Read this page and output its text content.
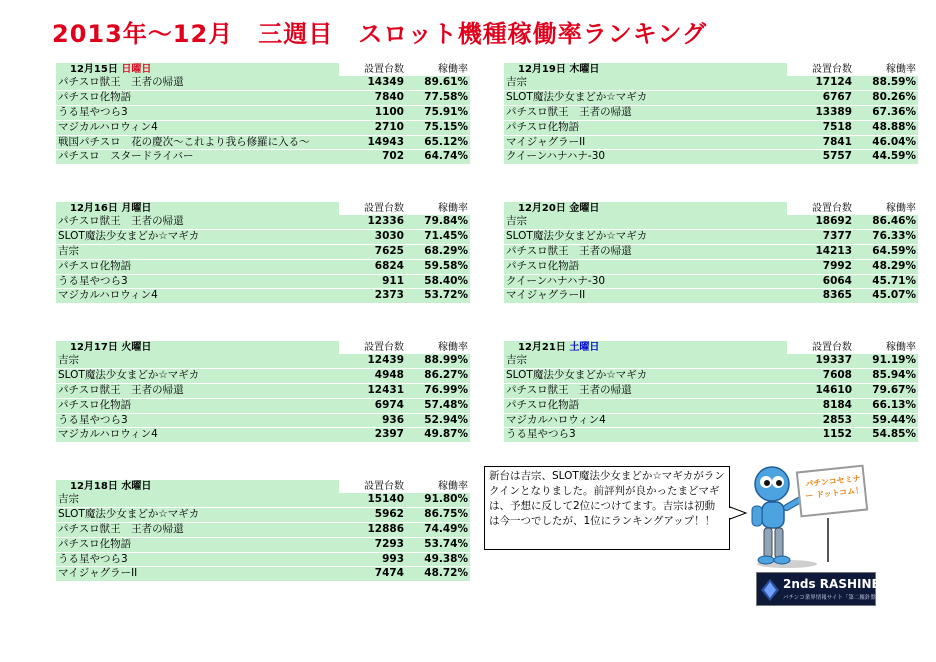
2013年～12月　三週目　スロット機種稼働率ランキング
12月15日 日曜日	設置台数	稼働率
パチスロ獣王　王者の帰還	14349	89.61%
パチスロ化物語	7840	77.58%
うる星やつら3	1100	75.91%
マジカルハロウィン4	2710	75.15%
戦国パチスロ　花の慶次～これより我ら修羅に入る～	14943	65.12%
パチスロ　スタードライバー	702	64.74%
12月16日 月曜日	設置台数	稼働率
パチスロ獣王　王者の帰還	12336	79.84%
SLOT魔法少女まどか☆マギカ	3030	71.45%
吉宗	7625	68.29%
パチスロ化物語	6824	59.58%
うる星やつら3	911	58.40%
マジカルハロウィン4	2373	53.72%
12月17日 火曜日	設置台数	稼働率
吉宗	12439	88.99%
SLOT魔法少女まどか☆マギカ	4948	86.27%
パチスロ獣王　王者の帰還	12431	76.99%
パチスロ化物語	6974	57.48%
うる星やつら3	936	52.94%
マジカルハロウィン4	2397	49.87%
12月18日 水曜日	設置台数	稼働率
吉宗	15140	91.80%
SLOT魔法少女まどか☆マギカ	5962	86.75%
パチスロ獣王　王者の帰還	12886	74.49%
パチスロ化物語	7293	53.74%
うる星やつら3	993	49.38%
マイジャグラーII	7474	48.72%
12月19日 木曜日	設置台数	稼働率
吉宗	17124	88.59%
SLOT魔法少女まどか☆マギカ	6767	80.26%
パチスロ獣王　王者の帰還	13389	67.36%
パチスロ化物語	7518	48.88%
マイジャグラーII	7841	46.04%
クイーンハナハナ-30	5757	44.59%
12月20日 金曜日	設置台数	稼働率
吉宗	18692	86.46%
SLOT魔法少女まどか☆マギカ	7377	76.33%
パチスロ獣王　王者の帰還	14213	64.59%
パチスロ化物語	7992	48.29%
クイーンハナハナ-30	6064	45.71%
マイジャグラーII	8365	45.07%
12月21日 土曜日	設置台数	稼働率
吉宗	19337	91.19%
SLOT魔法少女まどか☆マギカ	7608	85.94%
パチスロ獣王　王者の帰還	14610	79.67%
パチスロ化物語	8184	66.13%
マジカルハロウィン4	2853	59.44%
うる星やつら3	1152	54.85%
新台は吉宗、SLOT魔法少女まどか☆マギカがランクインとなりました。前評判が良かったまどマギは、予想に反して2位につけてます。吉宗は初動は今一つでしたが、1位にランキングアップ！！
パチンコセミナー ドットコム！
2nds RASHINBAN
パチンコ業界情報サイト「第二羅針盤」
